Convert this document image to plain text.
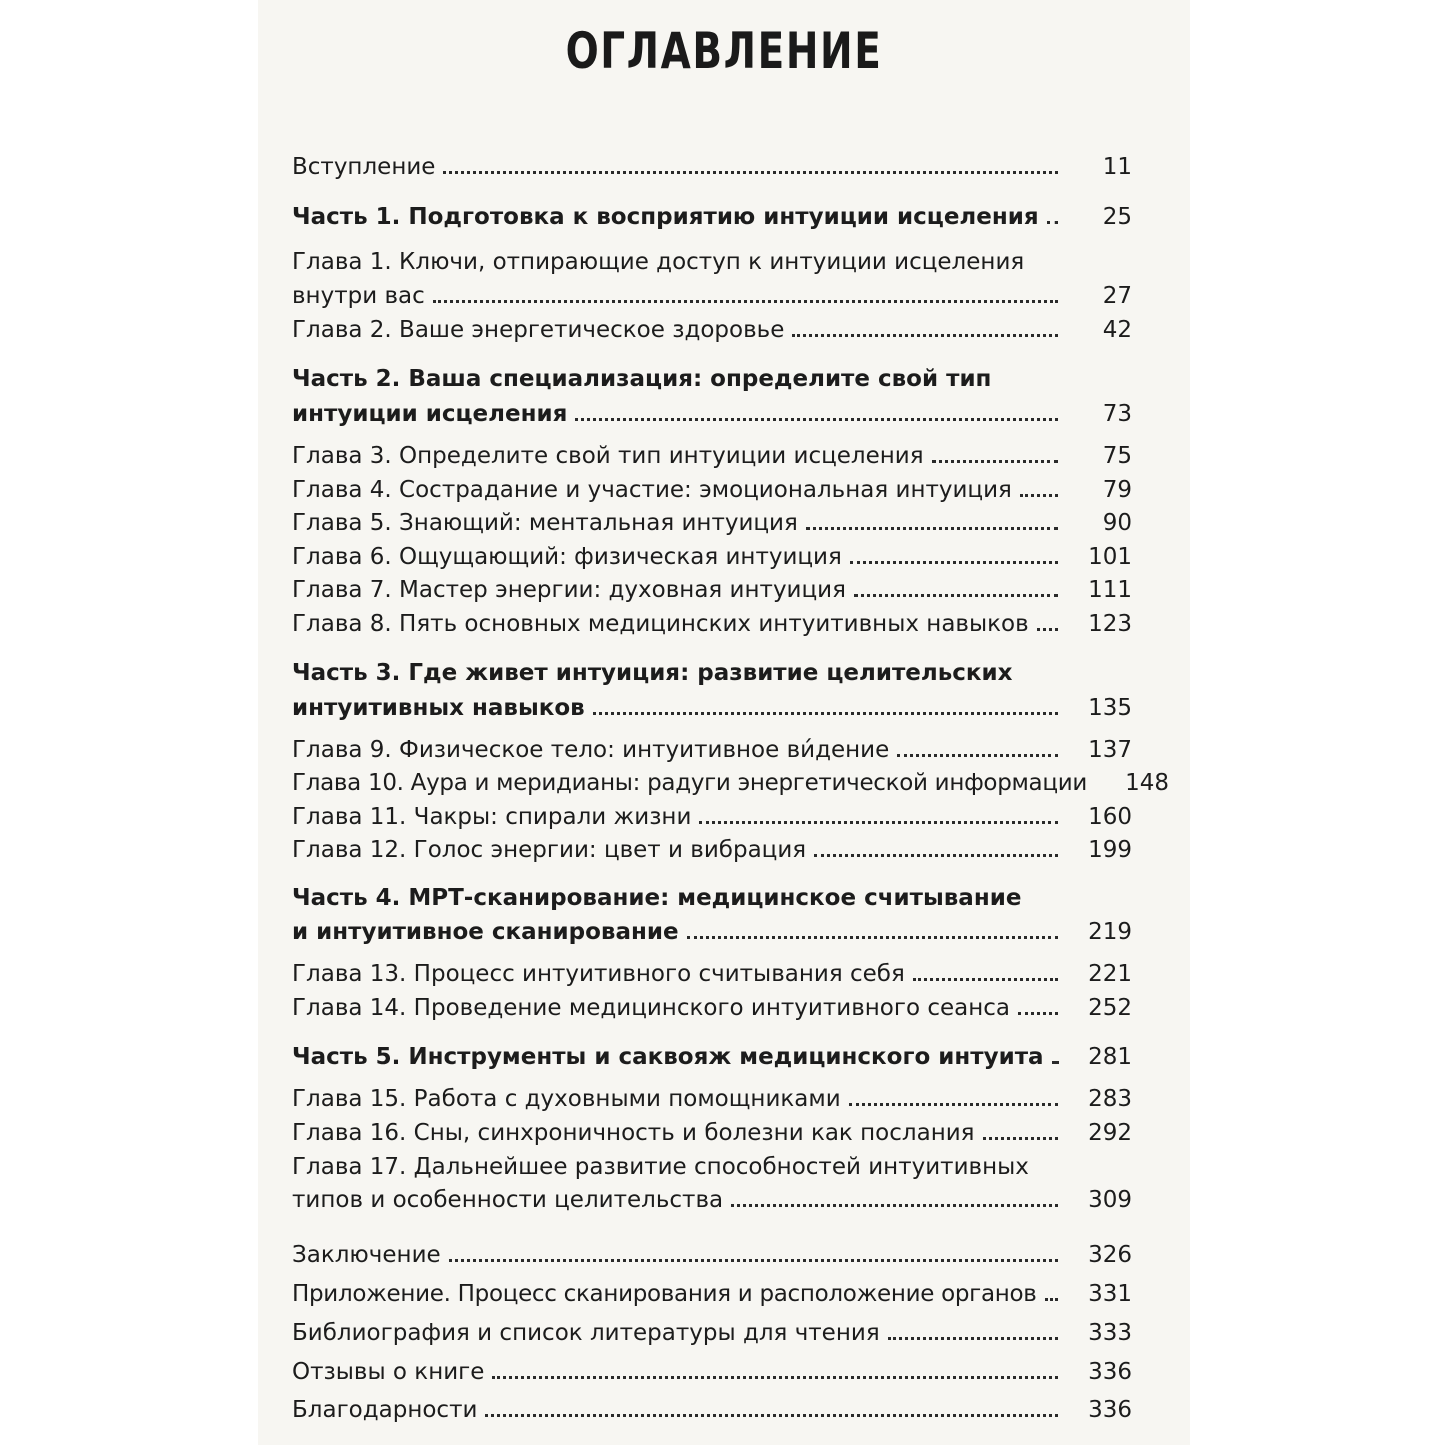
ОГЛАВЛЕНИЕ
Вступление	11
Часть 1. Подготовка к восприятию интуиции исцеления	25
Глава 1. Ключи, отпирающие доступ к интуиции исцеления
внутри вас	27
Глава 2. Ваше энергетическое здоровье	42
Часть 2. Ваша специализация: определите свой тип
интуиции исцеления	73
Глава 3. Определите свой тип интуиции исцеления	75
Глава 4. Сострадание и участие: эмоциональная интуиция	79
Глава 5. Знающий: ментальная интуиция	90
Глава 6. Ощущающий: физическая интуиция	101
Глава 7. Мастер энергии: духовная интуиция	111
Глава 8. Пять основных медицинских интуитивных навыков	123
Часть 3. Где живет интуиция: развитие целительских
интуитивных навыков	135
Глава 9. Физическое тело: интуитивное ви́дение	137
Глава 10. Аура и меридианы: радуги энергетической информации	148
Глава 11. Чакры: спирали жизни	160
Глава 12. Голос энергии: цвет и вибрация	199
Часть 4. МРТ-сканирование: медицинское считывание
и интуитивное сканирование	219
Глава 13. Процесс интуитивного считывания себя	221
Глава 14. Проведение медицинского интуитивного сеанса	252
Часть 5. Инструменты и саквояж медицинского интуита	281
Глава 15. Работа с духовными помощниками	283
Глава 16. Сны, синхроничность и болезни как послания	292
Глава 17. Дальнейшее развитие способностей интуитивных
типов и особенности целительства	309
Заключение	326
Приложение. Процесс сканирования и расположение органов	331
Библиография и список литературы для чтения	333
Отзывы о книге	336
Благодарности	336
